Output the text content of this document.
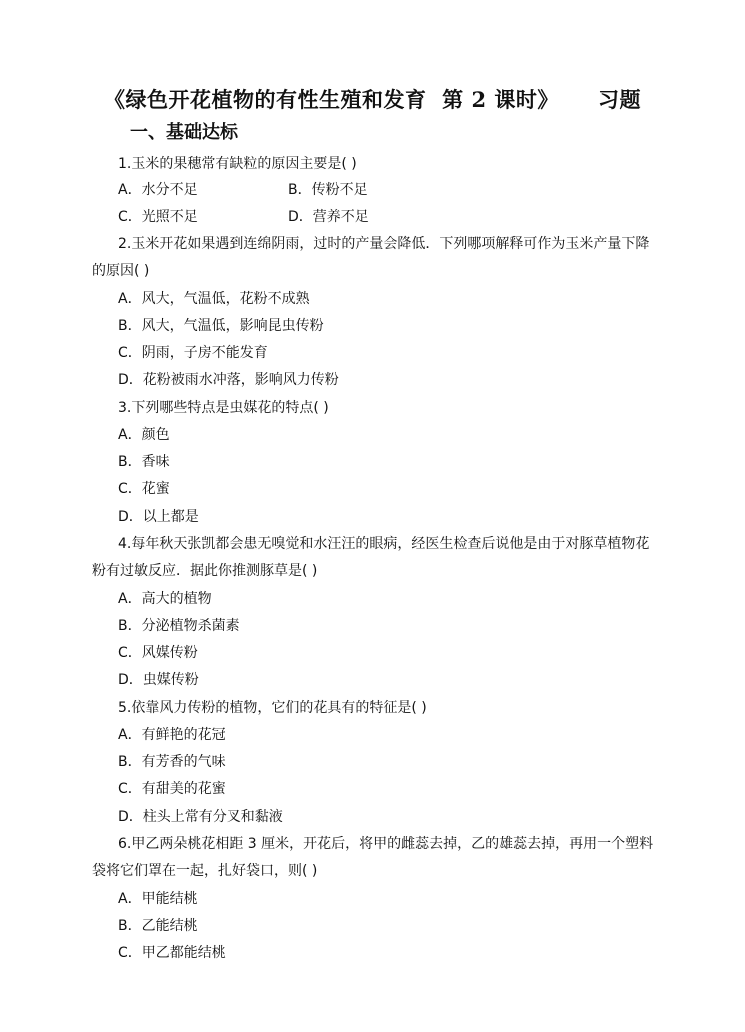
《绿色开花植物的有性生殖和发育  第 2 课时》     习题
一、基础达标
1.玉米的果穗常有缺粒的原因主要是( )
A．水分不足	B．传粉不足
C．光照不足	D．营养不足
2.玉米开花如果遇到连绵阴雨，过时的产量会降低．下列哪项解释可作为玉米产量下降
的原因( )
A．风大，气温低，花粉不成熟
B．风大，气温低，影响昆虫传粉
C．阴雨，子房不能发育
D．花粉被雨水冲落，影响风力传粉
3.下列哪些特点是虫媒花的特点( )
A．颜色
B．香味
C．花蜜
D．以上都是
4.每年秋天张凯都会患无嗅觉和水汪汪的眼病，经医生检查后说他是由于对豚草植物花
粉有过敏反应．据此你推测豚草是( )
A．高大的植物
B．分泌植物杀菌素
C．风媒传粉
D．虫媒传粉
5.依靠风力传粉的植物，它们的花具有的特征是( )
A．有鲜艳的花冠
B．有芳香的气味
C．有甜美的花蜜
D．柱头上常有分叉和黏液
6.甲乙两朵桃花相距 3 厘米，开花后，将甲的雌蕊去掉，乙的雄蕊去掉，再用一个塑料
袋将它们罩在一起，扎好袋口，则( )
A．甲能结桃
B．乙能结桃
C．甲乙都能结桃
